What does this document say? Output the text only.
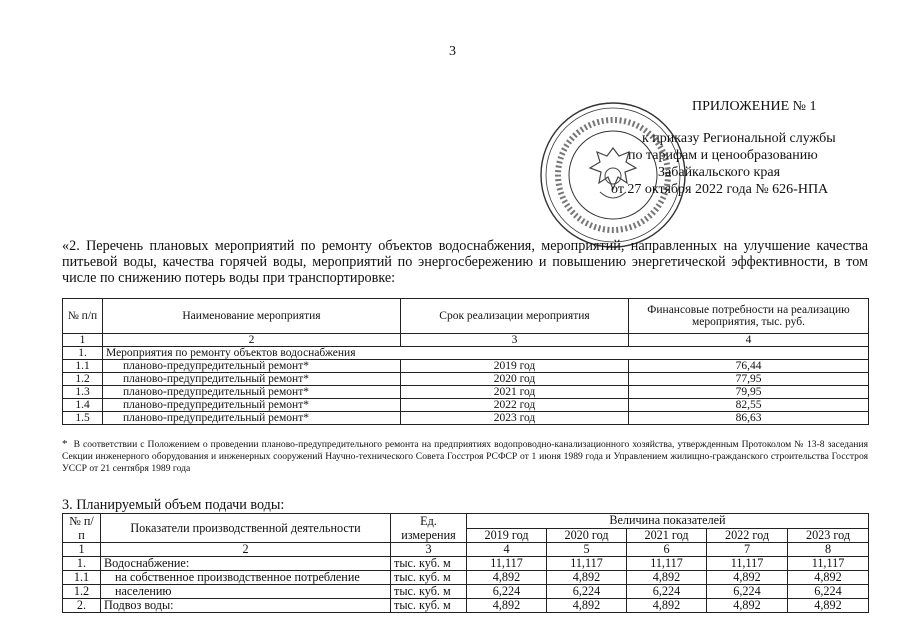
3
ПРИЛОЖЕНИЕ № 1
к приказу Региональной службы
по тарифам и ценообразованию
Забайкальского края
от 27 октября 2022 года № 626-НПА
«2. Перечень плановых мероприятий по ремонту объектов водоснабжения, мероприятий, направленных на улучшение качества питьевой воды, качества горячей воды, мероприятий по энергосбережению и повышению энергетической эффективности, в том числе по снижению потерь воды при транспортировке:
№ п/п	Наименование мероприятия	Срок реализации мероприятия	Финансовые потребности на реализацию мероприятия, тыс. руб.
1	2	3	4
1.	Мероприятия по ремонту объектов водоснабжения		
1.1	планово-предупредительный ремонт*	2019 год	76,44
1.2	планово-предупредительный ремонт*	2020 год	77,95
1.3	планово-предупредительный ремонт*	2021 год	79,95
1.4	планово-предупредительный ремонт*	2022 год	82,55
1.5	планово-предупредительный ремонт*	2023 год	86,63
* В соответствии с Положением о проведении планово-предупредительного ремонта на предприятиях водопроводно-канализационного хозяйства, утвержденным Протоколом № 13-8 заседания Секции инженерного оборудования и инженерных сооружений Научно-технического Совета Госстроя РСФСР от 1 июня 1989 года и Управлением жилищно-гражданского строительства Госстроя УССР от 21 сентября 1989 года
3. Планируемый объем подачи воды:
№ п/п	Показатели производственной деятельности	Ед. измерения	Величина показателей				
			2019 год	2020 год	2021 год	2022 год	2023 год
1	2	3	4	5	6	7	8
1.	Водоснабжение:	тыс. куб. м	11,117	11,117	11,117	11,117	11,117
1.1	на собственное производственное потребление	тыс. куб. м	4,892	4,892	4,892	4,892	4,892
1.2	населению	тыс. куб. м	6,224	6,224	6,224	6,224	6,224
2.	Подвоз воды:	тыс. куб. м	4,892	4,892	4,892	4,892	4,892
